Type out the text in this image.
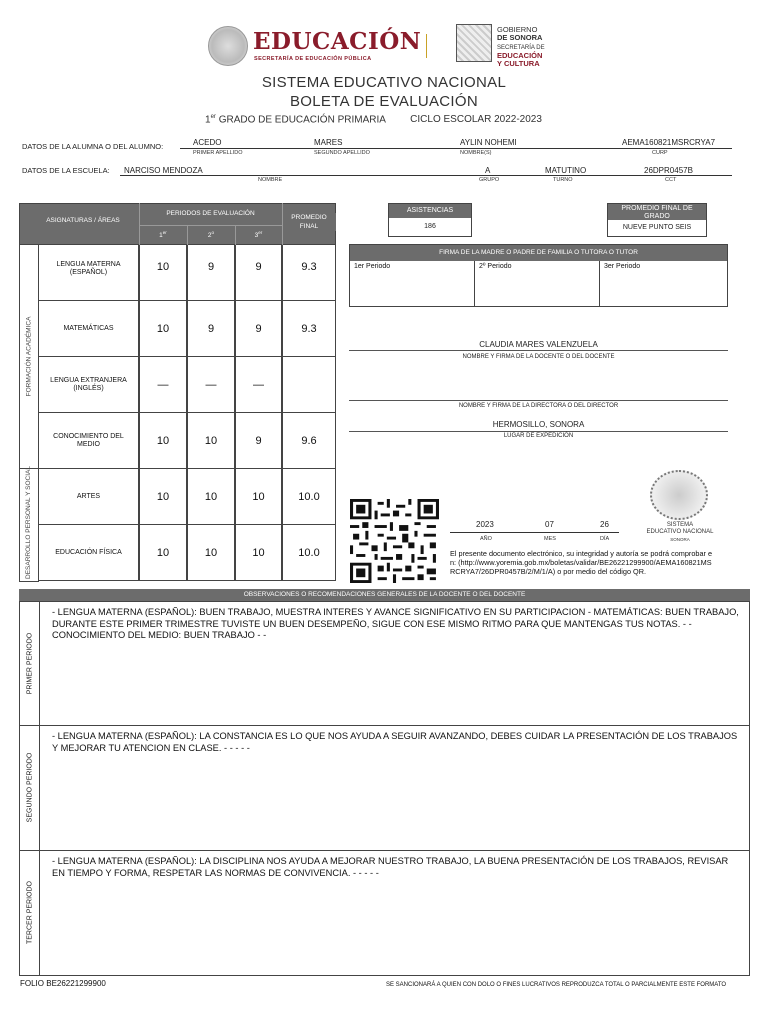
EDUCACIÓN
SECRETARÍA DE EDUCACIÓN PÚBLICA
GOBIERNO
DE SONORA
SECRETARÍA DE
EDUCACIÓN
Y CULTURA
SISTEMA EDUCATIVO NACIONAL
BOLETA DE EVALUACIÓN
1er GRADO DE EDUCACIÓN PRIMARIA CICLO ESCOLAR 2022-2023
DATOS DE LA ALUMNA O DEL ALUMNO:	ACEDO
PRIMER APELLIDO
MARES
SEGUNDO APELLIDO
AYLIN NOHEMI
NOMBRE(S)
AEMA160821MSRCRYA7
CURP
DATOS DE LA ESCUELA: NARCISO MENDOZA
NOMBRE
A
GRUPO
MATUTINO
TURNO
26DPR0457B
CCT
ASIGNATURAS / ÁREAS
PERIODOS DE EVALUACIÓN
PROMEDIO FINAL
1er	2$^o$	3er
FORMACIÓN ACADÉMICA
DESARROLLO PERSONAL Y SOCIAL
LENGUA MATERNA (ESPAÑOL)	10	9	9	9.3
MATEMÁTICAS	10	9	9	9.3
LENGUA EXTRANJERA (INGLÉS)	—	—	—
CONOCIMIENTO DEL MEDIO	10	10	9	9.6
ARTES	10	10	10	10.0
EDUCACIÓN FÍSICA	10	10	10	10.0
ASISTENCIAS
186
PROMEDIO FINAL DE GRADO
NUEVE PUNTO SEIS
FIRMA DE LA MADRE O PADRE DE FAMILIA O TUTORA O TUTOR
1er Periodo	2º Periodo	3er Periodo
CLAUDIA MARES VALENZUELA
NOMBRE Y FIRMA DE LA DOCENTE O DEL DOCENTE
NOMBRE Y FIRMA DE LA DIRECTORA O DEL DIRECTOR
HERMOSILLO, SONORA
LUGAR DE EXPEDICIÓN
2023	07	26
AÑO	MES	DÍA
SISTEMA
EDUCATIVO NACIONAL
SONORA
El presente documento electrónico, su integridad y autoría se podrá comprobar en: (http://www.yoremia.gob.mx/boletas/validar/BE26221299900/AEMA160821MSRCRYA7/26DPR0457B/2/M/1/A) o por medio del código QR.
OBSERVACIONES O RECOMENDACIONES GENERALES DE LA DOCENTE O DEL DOCENTE
PRIMER PERIODO
- LENGUA MATERNA (ESPAÑOL): BUEN TRABAJO, MUESTRA INTERES Y AVANCE SIGNIFICATIVO EN SU PARTICIPACION - MATEMÁTICAS: BUEN TRABAJO, DURANTE ESTE PRIMER TRIMESTRE TUVISTE UN BUEN DESEMPEÑO, SIGUE CON ESE MISMO RITMO PARA QUE MANTENGAS TUS NOTAS. - - CONOCIMIENTO DEL MEDIO: BUEN TRABAJO - -
SEGUNDO PERIODO
- LENGUA MATERNA (ESPAÑOL): LA CONSTANCIA ES LO QUE NOS AYUDA A SEGUIR AVANZANDO, DEBES CUIDAR LA PRESENTACIÓN DE LOS TRABAJOS Y MEJORAR TU ATENCION EN CLASE. - - - - -
TERCER PERIODO
- LENGUA MATERNA (ESPAÑOL): LA DISCIPLINA NOS AYUDA A MEJORAR NUESTRO TRABAJO, LA BUENA PRESENTACIÓN DE LOS TRABAJOS, REVISAR EN TIEMPO Y FORMA, RESPETAR LAS NORMAS DE CONVIVENCIA. - - - - -
FOLIO BE26221299900	SE SANCIONARÁ A QUIEN CON DOLO O FINES LUCRATIVOS REPRODUZCA TOTAL O PARCIALMENTE ESTE FORMATO
